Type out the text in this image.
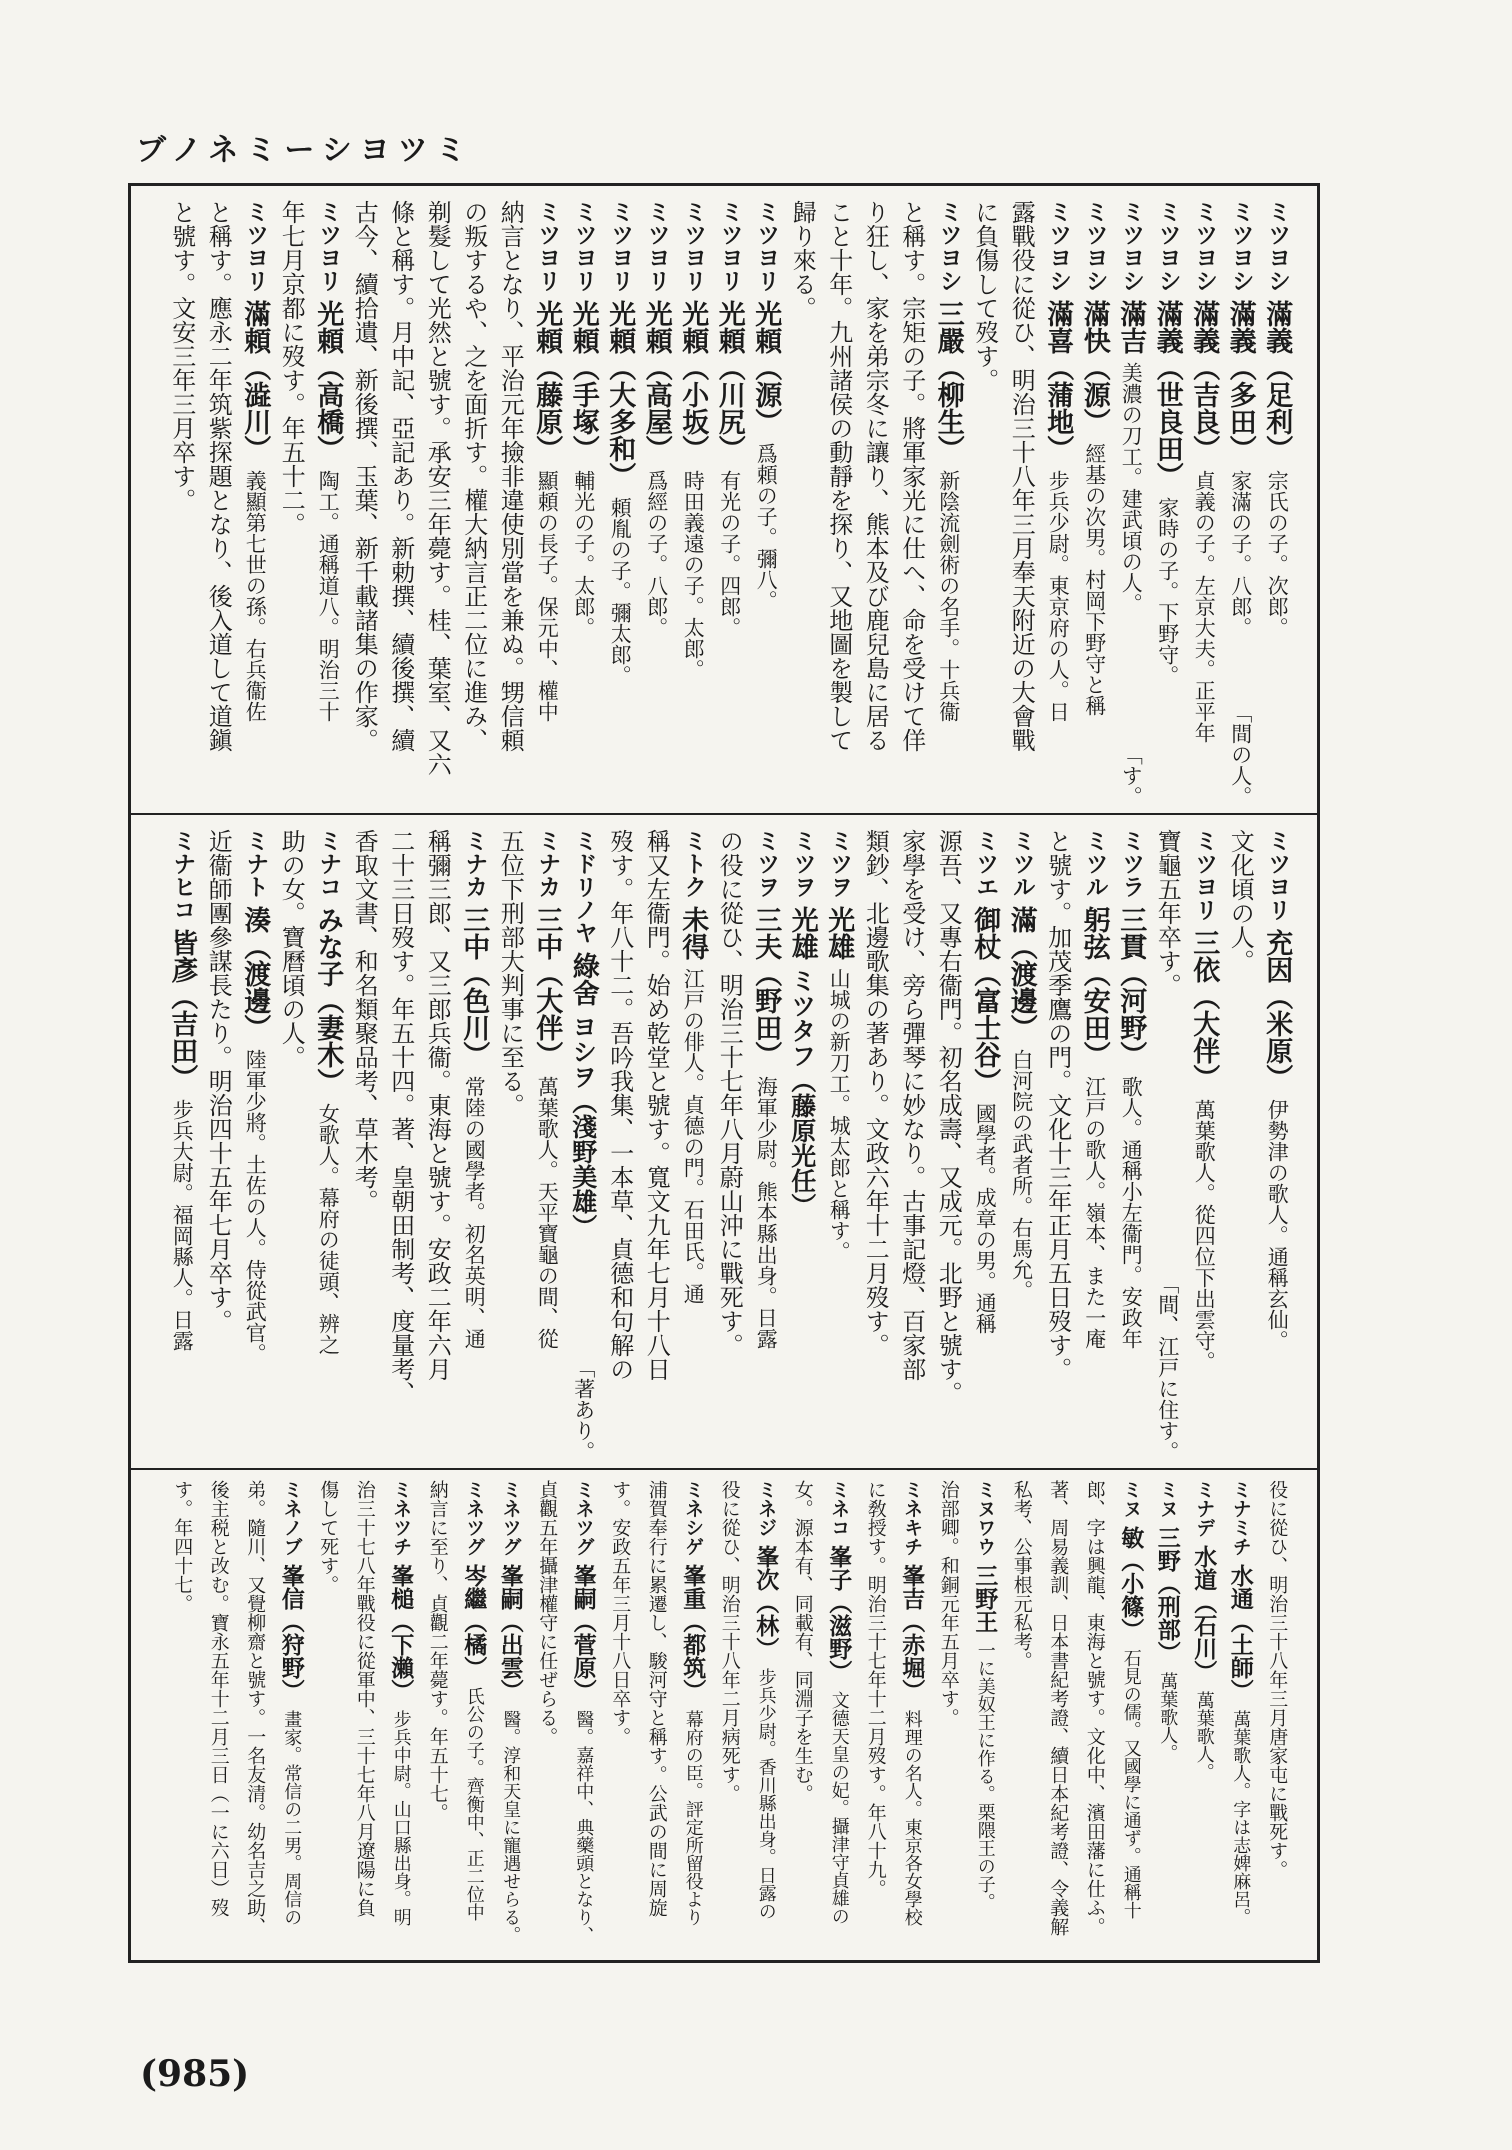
ブノネミーシヨツミ
ミツヨシ
滿義（足利）
宗氏の子。次郎。
ミツヨシ
滿義（多田）
家滿の子。八郎。
「間の人。
ミツヨシ
滿義（吉良）
貞義の子。左京大夫。正平年
ミツヨシ
滿義（世良田）
家時の子。下野守。
ミツヨシ
滿吉
美濃の刀工。建武頃の人。
「す。
ミツヨシ
滿快（源）
經基の次男。村岡下野守と稱
ミツヨシ
滿喜（蒲地）
步兵少尉。東京府の人。日
露戰役に從ひ、明治三十八年三月奉天附近の大會戰
に負傷して歿す。
ミツヨシ
三嚴（柳生）
新陰流劍術の名手。十兵衞
と稱す。宗矩の子。將軍家光に仕へ、命を受けて佯
り狂し、家を弟宗冬に讓り、熊本及び鹿兒島に居る
こと十年。九州諸侯の動靜を探り、又地圖を製して
歸り來る。
ミツヨリ
光頼（源）
爲頼の子。彌八。
ミツヨリ
光頼（川尻）
有光の子。四郎。
ミツヨリ
光頼（小坂）
時田義遠の子。太郎。
ミツヨリ
光頼（高屋）
爲經の子。八郎。
ミツヨリ
光頼（大多和）
頼胤の子。彌太郎。
ミツヨリ
光頼（手塚）
輔光の子。太郎。
ミツヨリ
光頼（藤原）
顯頼の長子。保元中、權中
納言となり、平治元年撿非違使別當を兼ぬ。甥信頼
の叛するや、之を面折す。權大納言正二位に進み、
剃髮して光然と號す。承安三年薨す。桂、葉室、又六
條と稱す。月中記、亞記あり。新勅撰、續後撰、續
古今、續拾遺、新後撰、玉葉、新千載諸集の作家。
ミツヨリ
光頼（高橋）
陶工。通稱道八。明治三十
年七月京都に歿す。年五十二。
ミツヨリ
滿頼（澁川）
義顯第七世の孫。右兵衞佐
と稱す。應永二年筑紫探題となり、後入道して道鎭
と號す。文安三年三月卒す。
ミツヨリ
充因（米原）
伊勢津の歌人。通稱玄仙。
文化頃の人。
ミツヨリ
三依（大伴）
萬葉歌人。從四位下出雲守。
寶龜五年卒す。
「間、江戸に住す。
ミツラ
三貫（河野）
歌人。通稱小左衞門。安政年
ミツル
躬弦（安田）
江戸の歌人。嶺本、また一庵
と號す。加茂季鷹の門。文化十三年正月五日歿す。
ミツル
滿（渡邊）
白河院の武者所。右馬允。
ミツエ
御杖（富士谷）
國學者。成章の男。通稱
源吾、又專右衞門。初名成壽、又成元。北野と號す。
家學を受け、旁ら彈琴に妙なり。古事記燈、百家部
類鈔、北邊歌集の著あり。文政六年十二月歿す。
ミツヲ
光雄
山城の新刀工。城太郎と稱す。
ミツヲ
光雄
ミツタフ（藤原光任）
ミツヲ
三夫（野田）
海軍少尉。熊本縣出身。日露
の役に從ひ、明治三十七年八月蔚山沖に戰死す。
ミトク
未得
江戸の俳人。貞德の門。石田氏。通
稱又左衞門。始め乾堂と號す。寬文九年七月十八日
歿す。年八十二。吾吟我集、一本草、貞德和句解の
ミドリノヤ
綠舍
ヨシヲ（淺野美雄）
「著あり。
ミナカ
三中（大伴）
萬葉歌人。天平寶龜の間、從
五位下刑部大判事に至る。
ミナカ
三中（色川）
常陸の國學者。初名英明、通
稱彌三郎、又三郎兵衞。東海と號す。安政二年六月
二十三日歿す。年五十四。著、皇朝田制考、度量考、
香取文書、和名類聚品考、草木考。
ミナコ
みな子（妻木）
女歌人。幕府の徒頭、辨之
助の女。寶曆頃の人。
ミナト
湊（渡邊）
陸軍少將。土佐の人。侍從武官。
近衞師團參謀長たり。明治四十五年七月卒す。
ミナヒコ
皆彥（吉田）
步兵大尉。福岡縣人。日露
役に從ひ、明治三十八年三月唐家屯に戰死す。
ミナミチ
水通（土師）
萬葉歌人。字は志婢麻呂。
ミナデ
水道（石川）
萬葉歌人。
ミヌ
三野（刑部）
萬葉歌人。
ミヌ
敏（小篠）
石見の儒。又國學に通ず。通稱十
郎、字は興龍、東海と號す。文化中、濱田藩に仕ふ。
著、周易義訓、日本書紀考證、續日本紀考證、令義解
私考、公事根元私考。
ミヌワウ
三野王
一に美奴王に作る。栗隈王の子。
治部卿。和銅元年五月卒す。
ミネキチ
峯吉（赤堀）
料理の名人。東京各女學校
に敎授す。明治三十七年十二月歿す。年八十九。
ミネコ
峯子（滋野）
文德天皇の妃。攝津守貞雄の
女。源本有、同載有、同淵子を生む。
ミネジ
峯次（林）
步兵少尉。香川縣出身。日露の
役に從ひ、明治三十八年二月病死す。
ミネシゲ
峯重（都筑）
幕府の臣。評定所留役より
浦賀奉行に累遷し、駿河守と稱す。公武の間に周旋
す。安政五年三月十八日卒す。
ミネツグ
峯嗣（菅原）
醫。嘉祥中、典藥頭となり、
貞觀五年攝津權守に任ぜらる。
ミネツグ
峯嗣（出雲）
醫。淳和天皇に寵遇せらる。
ミネツグ
岑繼（橘）
氏公の子。齊衡中、正二位中
納言に至り、貞觀二年薨す。年五十七。
ミネツチ
峯槌（下瀨）
步兵中尉。山口縣出身。明
治三十七八年戰役に從軍中、三十七年八月遼陽に負
傷して死す。
ミネノブ
峯信（狩野）
畫家。常信の二男。周信の
弟。隨川、又覺柳齋と號す。一名友清。幼名吉之助、
後主税と改む。寶永五年十二月三日（一に六日）歿
す。年四十七。
(985)
